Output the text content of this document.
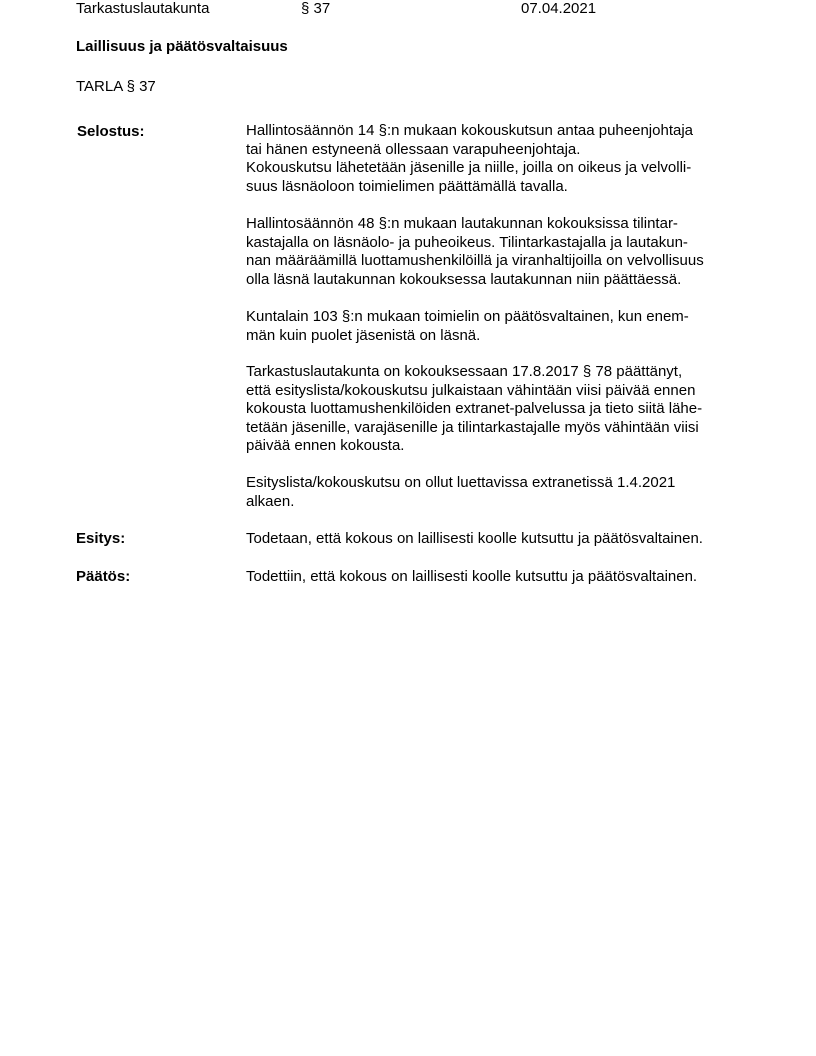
Tarkastuslautakunta	§ 37	07.04.2021
Laillisuus ja päätösvaltaisuus
TARLA § 37
Selostus:	Hallintosäännön 14 §:n mukaan kokouskutsun antaa puheenjohtaja
tai hänen estyneenä ollessaan varapuheenjohtaja.
Kokouskutsu lähetetään jäsenille ja niille, joilla on oikeus ja velvolli-
suus läsnäoloon toimielimen päättämällä tavalla.
Hallintosäännön 48 §:n mukaan lautakunnan kokouksissa tilintar-
kastajalla on läsnäolo- ja puheoikeus. Tilintarkastajalla ja lautakun-
nan määräämillä luottamushenkilöillä ja viranhaltijoilla on velvollisuus
olla läsnä lautakunnan kokouksessa lautakunnan niin päättäessä.
Kuntalain 103 §:n mukaan toimielin on päätösvaltainen, kun enem-
män kuin puolet jäsenistä on läsnä.
Tarkastuslautakunta on kokouksessaan 17.8.2017 § 78 päättänyt,
että esityslista/kokouskutsu julkaistaan vähintään viisi päivää ennen
kokousta luottamushenkilöiden extranet-palvelussa ja tieto siitä lähe-
tetään jäsenille, varajäsenille ja tilintarkastajalle myös vähintään viisi
päivää ennen kokousta.
Esityslista/kokouskutsu on ollut luettavissa extranetissä 1.4.2021
alkaen.
Esitys:	Todetaan, että kokous on laillisesti koolle kutsuttu ja päätösvaltainen.
Päätös:	Todettiin, että kokous on laillisesti koolle kutsuttu ja päätösvaltainen.
